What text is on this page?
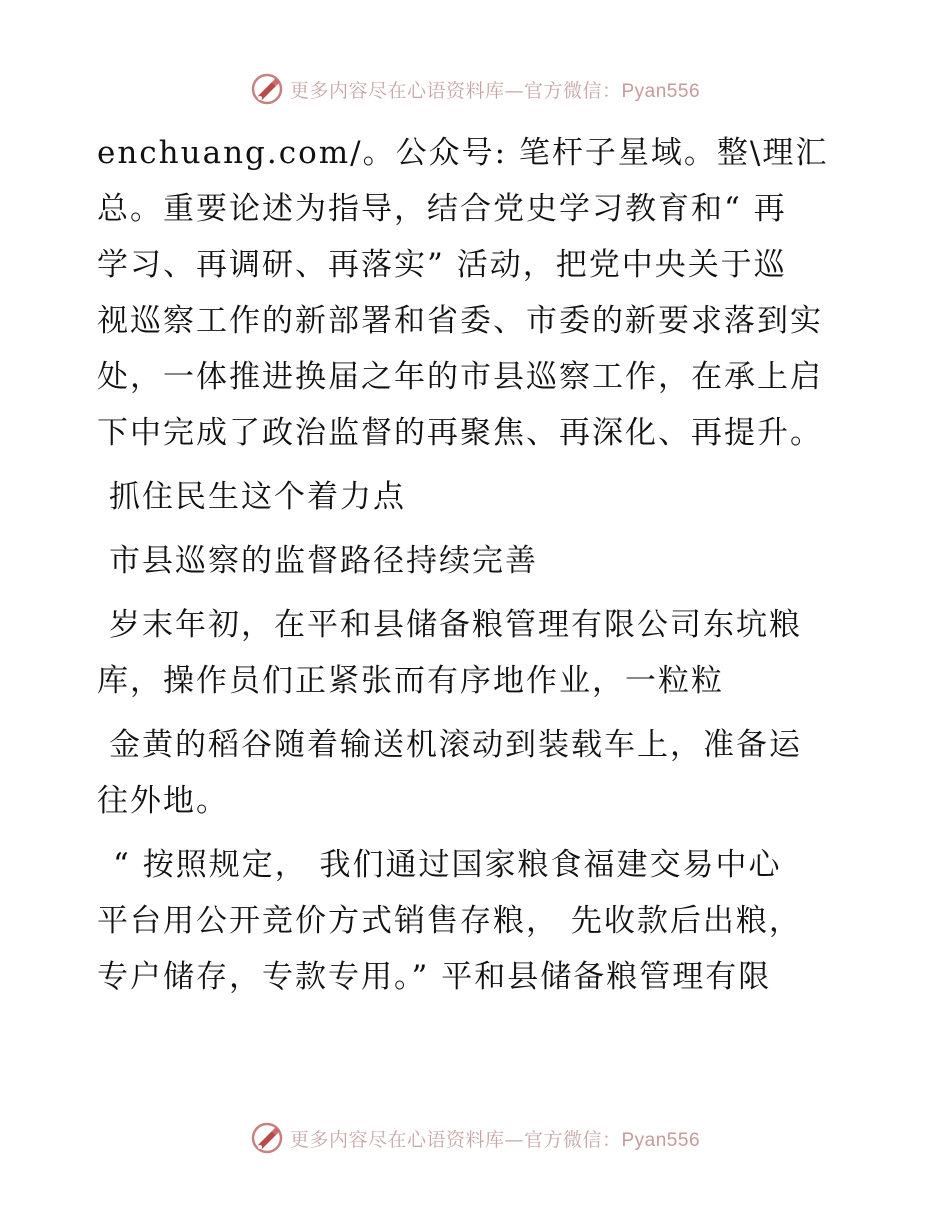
更多内容尽在心语资料库—官方微信：Pyan556
enchuang.com/。公众号: 笔杆子星域。整\理汇
总。重要论述为指导，结合党史学习教育和“ 再
学习、再调研、再落实” 活动，把党中央关于巡
视巡察工作的新部署和省委、市委的新要求落到实
处，一体推进换届之年的市县巡察工作，在承上启
下中完成了政治监督的再聚焦、再深化、再提升。
抓住民生这个着力点
市县巡察的监督路径持续完善
岁末年初，在平和县储备粮管理有限公司东坑粮
库，操作员们正紧张而有序地作业，一粒粒
金黄的稻谷随着输送机滚动到装载车上，准备运
往外地。
“ 按照规定， 我们通过国家粮食福建交易中心
平台用公开竞价方式销售存粮， 先收款后出粮，
专户储存，专款专用。” 平和县储备粮管理有限
更多内容尽在心语资料库—官方微信：Pyan556
